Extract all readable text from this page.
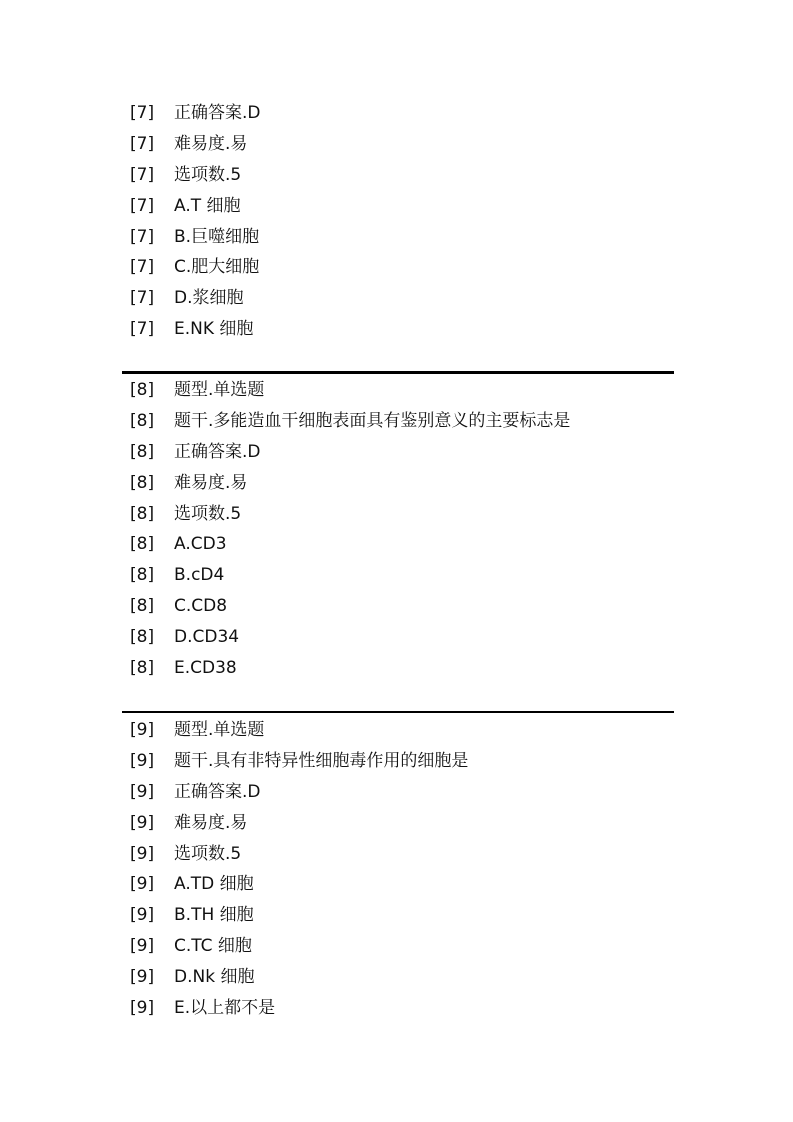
[7]	正确答案.D
[7]	难易度.易
[7]	选项数.5
[7]	A.T 细胞
[7]	B.巨噬细胞
[7]	C.肥大细胞
[7]	D.浆细胞
[7]	E.NK 细胞
[8]	题型.单选题
[8]	题干.多能造血干细胞表面具有鉴别意义的主要标志是
[8]	正确答案.D
[8]	难易度.易
[8]	选项数.5
[8]	A.CD3
[8]	B.cD4
[8]	C.CD8
[8]	D.CD34
[8]	E.CD38
[9]	题型.单选题
[9]	题干.具有非特异性细胞毒作用的细胞是
[9]	正确答案.D
[9]	难易度.易
[9]	选项数.5
[9]	A.TD 细胞
[9]	B.TH 细胞
[9]	C.TC 细胞
[9]	D.Nk 细胞
[9]	E.以上都不是
